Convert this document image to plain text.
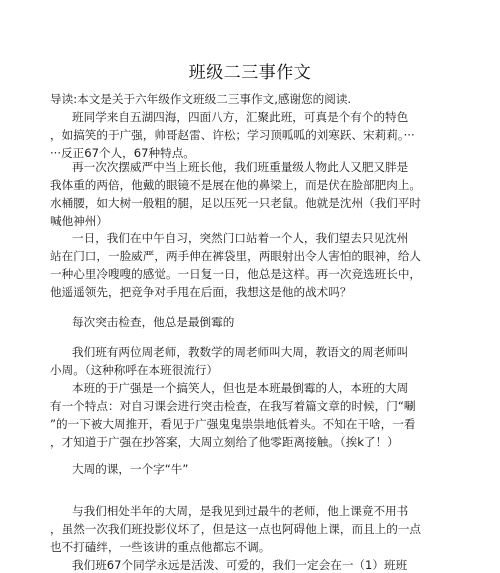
班级二三事作文
导读:本文是关于六年级作文班级二三事作文,感谢您的阅读.
班同学来自五湖四海，四面八方，汇聚此班，可真是个有个的特色
，如搞笑的于广强，帅哥赵雷、许松；学习顶呱呱的刘寒跃、宋莉莉。···
···反正67个人，67种特点。
再一次次摆威严中当上班长他，我们班重量级人物此人又肥又胖是
我体重的两倍，他戴的眼镜不是展在他的鼻梁上，而是伏在脸部肥肉上。
水桶腰，如大树一般粗的腿，足以压死一只老鼠。他就是沈州（我们平时
喊他神州）
一日，我们在中午自习，突然门口站着一个人，我们望去只见沈州
站在门口，一脸威严，两手伸在裤袋里，两眼射出令人害怕的眼神，给人
一种心里冷嗖嗖的感觉。一日复一日，他总是这样。再一次竞选班长中，
他遥遥领先，把竞争对手甩在后面，我想这是他的战术吗？
每次突击检查，他总是最倒霉的
我们班有两位周老师，教数学的周老师叫大周，教语文的周老师叫
小周。（这种称呼在本班很流行）
本班的于广强是一个搞笑人，但也是本班最倒霉的人，本班的大周
有一个特点：对自习课会进行突击检查，在我写着篇文章的时候，门“唰
”的一下被大周推开，看见于广强鬼鬼祟祟地低着头。不知在干啥，一看
，才知道于广强在抄答案，大周立刻给了他零距离接触。（挨k了！）
大周的课，一个字“牛”
与我们相处半年的大周，是我见到过最牛的老师，他上课竟不用书
，虽然一次我们班投影仪坏了，但是这一点也阿碍他上课，而且上的一点
也不打磕绊，一些该讲的重点他都忘不调。
我们班67个同学永远是活泼、可爱的，我们一定会在一（1）班班
